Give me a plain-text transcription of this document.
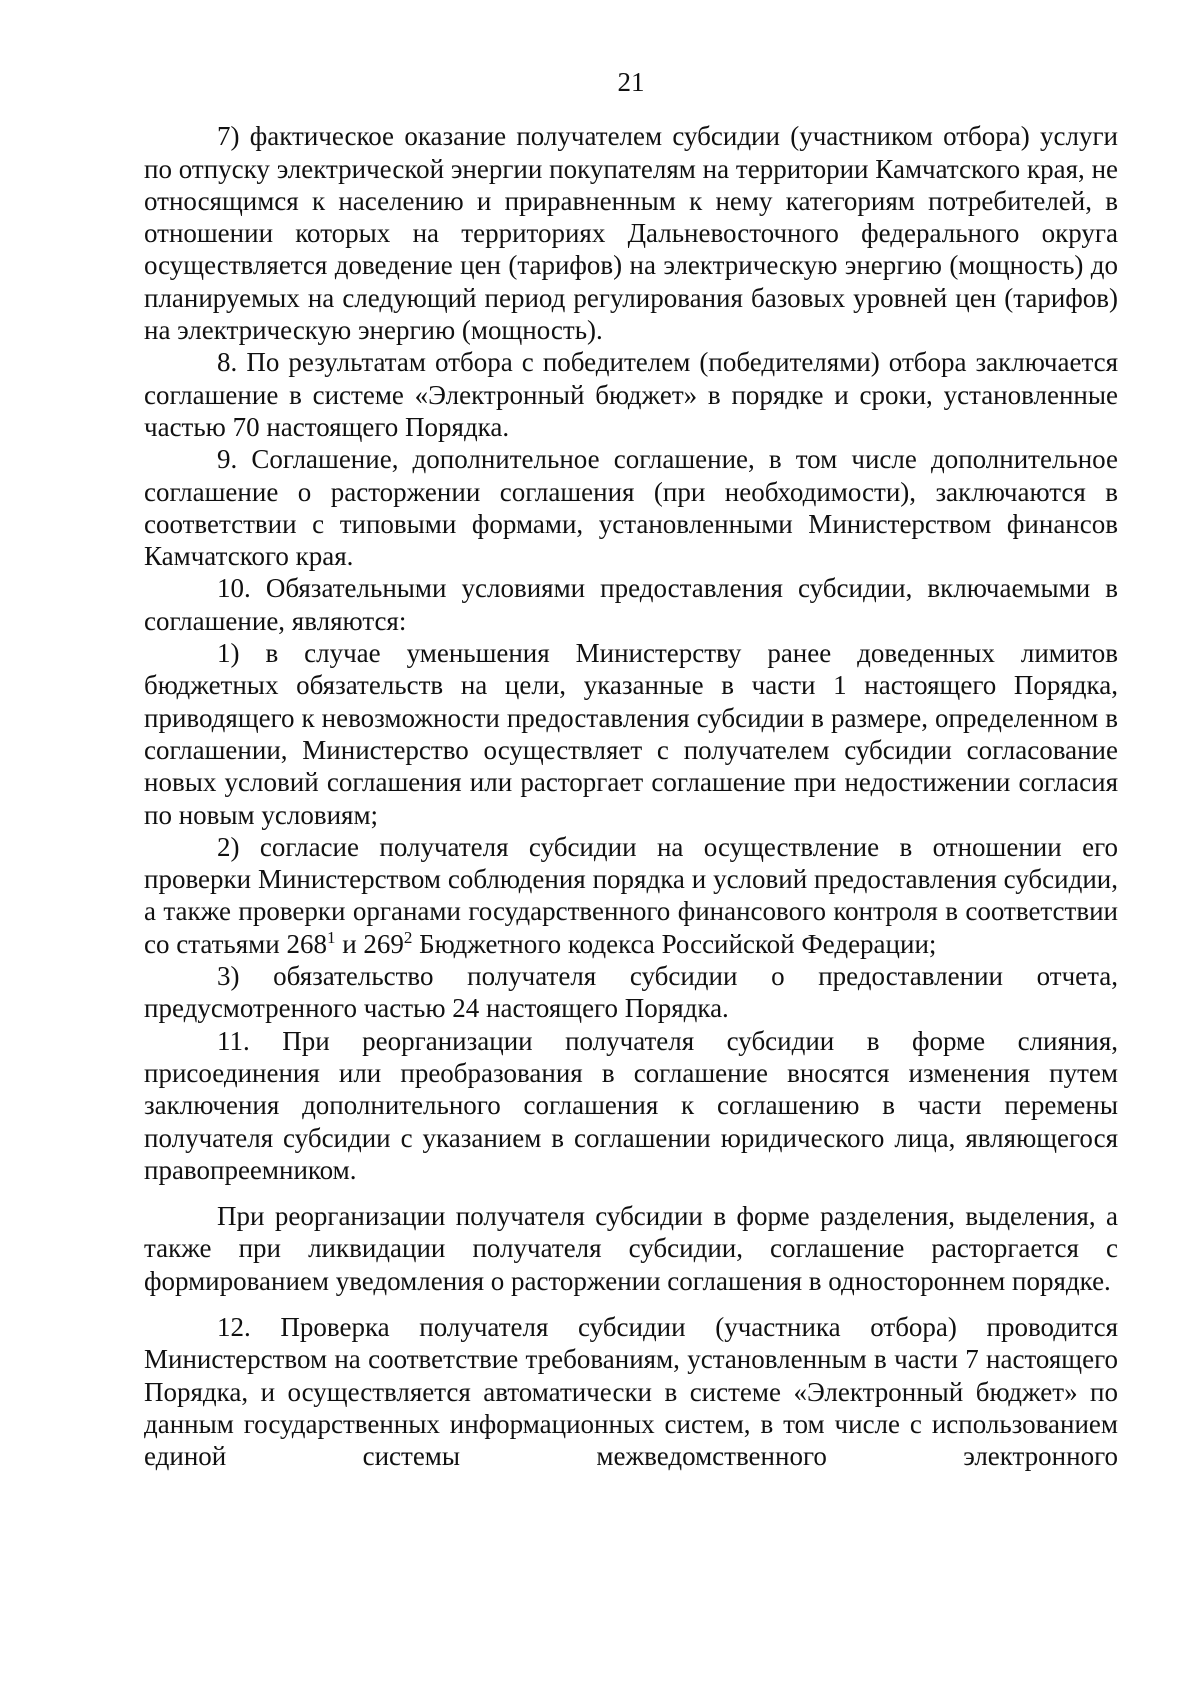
21

7) фактическое оказание получателем субсидии (участником отбора) услуги по отпуску электрической энергии покупателям на территории Камчатского края, не относящимся к населению и приравненным к нему категориям потребителей, в отношении которых на территориях Дальневосточного федерального округа осуществляется доведение цен (тарифов) на электрическую энергию (мощность) до планируемых на следующий период регулирования базовых уровней цен (тарифов) на электрическую энергию (мощность).

8. По результатам отбора с победителем (победителями) отбора заключается соглашение в системе «Электронный бюджет» в порядке и сроки, установленные частью 70 настоящего Порядка.

9. Соглашение, дополнительное соглашение, в том числе дополнительное соглашение о расторжении соглашения (при необходимости), заключаются в соответствии с типовыми формами, установленными Министерством финансов Камчатского края.

10. Обязательными условиями предоставления субсидии, включаемыми в соглашение, являются:

1) в случае уменьшения Министерству ранее доведенных лимитов бюджетных обязательств на цели, указанные в части 1 настоящего Порядка, приводящего к невозможности предоставления субсидии в размере, определенном в соглашении, Министерство осуществляет с получателем субсидии согласование новых условий соглашения или расторгает соглашение при недостижении согласия по новым условиям;

2) согласие получателя субсидии на осуществление в отношении его проверки Министерством соблюдения порядка и условий предоставления субсидии, а также проверки органами государственного финансового контроля в соответствии со статьями $268^1$ и $269^2$ Бюджетного кодекса Российской Федерации;

3) обязательство получателя субсидии о предоставлении отчета, предусмотренного частью 24 настоящего Порядка.

11. При реорганизации получателя субсидии в форме слияния, присоединения или преобразования в соглашение вносятся изменения путем заключения дополнительного соглашения к соглашению в части перемены получателя субсидии с указанием в соглашении юридического лица, являющегося правопреемником.

При реорганизации получателя субсидии в форме разделения, выделения, а также при ликвидации получателя субсидии, соглашение расторгается с формированием уведомления о расторжении соглашения в одностороннем порядке.

12. Проверка получателя субсидии (участника отбора) проводится Министерством на соответствие требованиям, установленным в части 7 настоящего Порядка, и осуществляется автоматически в системе «Электронный бюджет» по данным государственных информационных систем, в том числе с использованием единой системы межведомственного электронного
